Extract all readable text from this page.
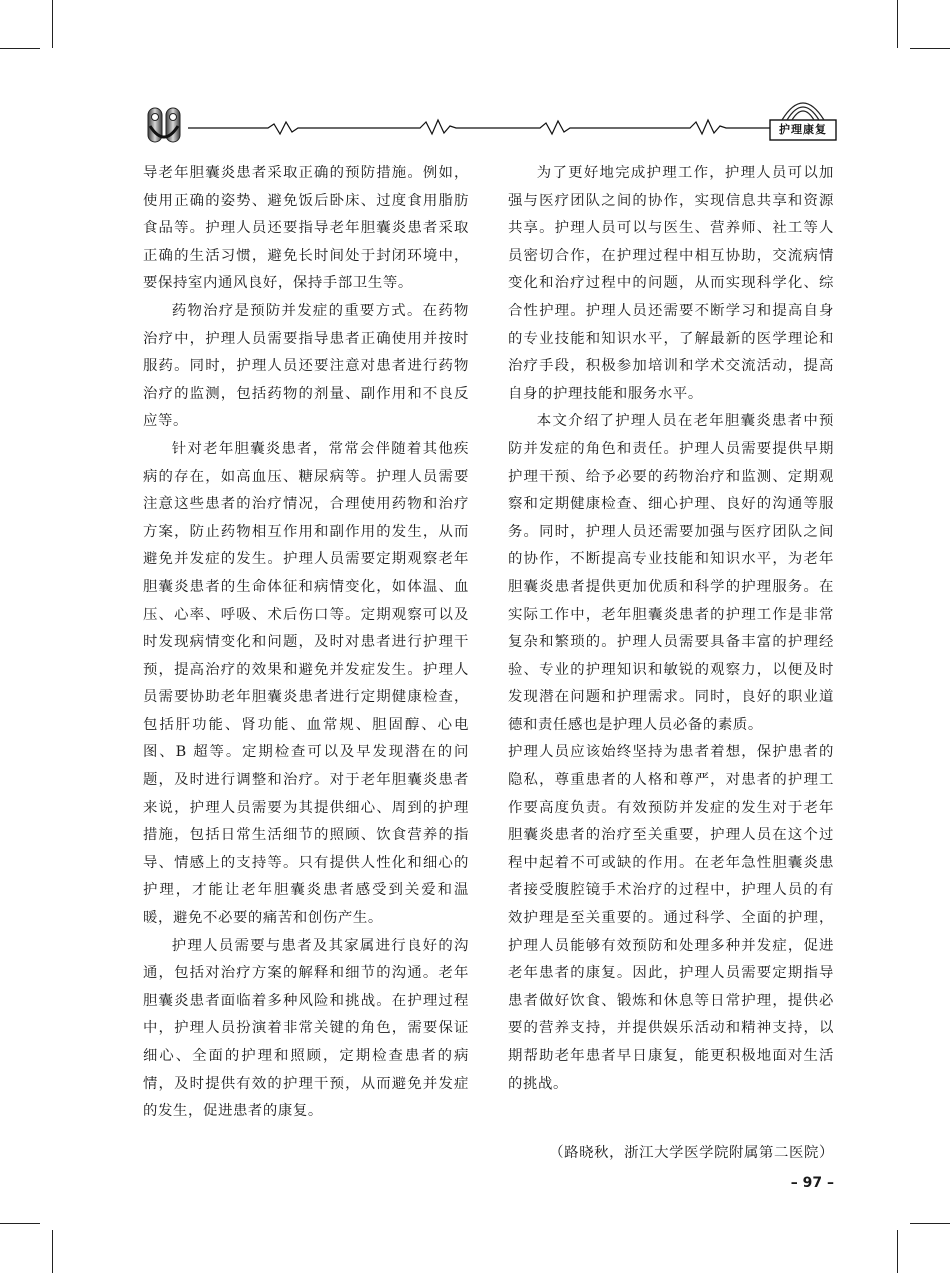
护理康复

导老年胆囊炎患者采取正确的预防措施。例如，使用正确的姿势、避免饭后卧床、过度食用脂肪食品等。护理人员还要指导老年胆囊炎患者采取正确的生活习惯，避免长时间处于封闭环境中，要保持室内通风良好，保持手部卫生等。

药物治疗是预防并发症的重要方式。在药物治疗中，护理人员需要指导患者正确使用并按时服药。同时，护理人员还要注意对患者进行药物治疗的监测，包括药物的剂量、副作用和不良反应等。

针对老年胆囊炎患者，常常会伴随着其他疾病的存在，如高血压、糖尿病等。护理人员需要注意这些患者的治疗情况，合理使用药物和治疗方案，防止药物相互作用和副作用的发生，从而避免并发症的发生。护理人员需要定期观察老年胆囊炎患者的生命体征和病情变化，如体温、血压、心率、呼吸、术后伤口等。定期观察可以及时发现病情变化和问题，及时对患者进行护理干预，提高治疗的效果和避免并发症发生。护理人员需要协助老年胆囊炎患者进行定期健康检查，包括肝功能、肾功能、血常规、胆固醇、心电图、B 超等。定期检查可以及早发现潜在的问题，及时进行调整和治疗。对于老年胆囊炎患者来说，护理人员需要为其提供细心、周到的护理措施，包括日常生活细节的照顾、饮食营养的指导、情感上的支持等。只有提供人性化和细心的护理，才能让老年胆囊炎患者感受到关爱和温暖，避免不必要的痛苦和创伤产生。

护理人员需要与患者及其家属进行良好的沟通，包括对治疗方案的解释和细节的沟通。老年胆囊炎患者面临着多种风险和挑战。在护理过程中，护理人员扮演着非常关键的角色，需要保证细心、全面的护理和照顾，定期检查患者的病情，及时提供有效的护理干预，从而避免并发症的发生，促进患者的康复。

为了更好地完成护理工作，护理人员可以加强与医疗团队之间的协作，实现信息共享和资源共享。护理人员可以与医生、营养师、社工等人员密切合作，在护理过程中相互协助，交流病情变化和治疗过程中的问题，从而实现科学化、综合性护理。护理人员还需要不断学习和提高自身的专业技能和知识水平，了解最新的医学理论和治疗手段，积极参加培训和学术交流活动，提高自身的护理技能和服务水平。

本文介绍了护理人员在老年胆囊炎患者中预防并发症的角色和责任。护理人员需要提供早期护理干预、给予必要的药物治疗和监测、定期观察和定期健康检查、细心护理、良好的沟通等服务。同时，护理人员还需要加强与医疗团队之间的协作，不断提高专业技能和知识水平，为老年胆囊炎患者提供更加优质和科学的护理服务。在实际工作中，老年胆囊炎患者的护理工作是非常复杂和繁琐的。护理人员需要具备丰富的护理经验、专业的护理知识和敏锐的观察力，以便及时发现潜在问题和护理需求。同时，良好的职业道德和责任感也是护理人员必备的素质。

护理人员应该始终坚持为患者着想，保护患者的隐私，尊重患者的人格和尊严，对患者的护理工作要高度负责。有效预防并发症的发生对于老年胆囊炎患者的治疗至关重要，护理人员在这个过程中起着不可或缺的作用。在老年急性胆囊炎患者接受腹腔镜手术治疗的过程中，护理人员的有效护理是至关重要的。通过科学、全面的护理，护理人员能够有效预防和处理多种并发症，促进老年患者的康复。因此，护理人员需要定期指导患者做好饮食、锻炼和休息等日常护理，提供必要的营养支持，并提供娱乐活动和精神支持，以期帮助老年患者早日康复，能更积极地面对生活的挑战。

（路晓秋，浙江大学医学院附属第二医院）
– 97 –
